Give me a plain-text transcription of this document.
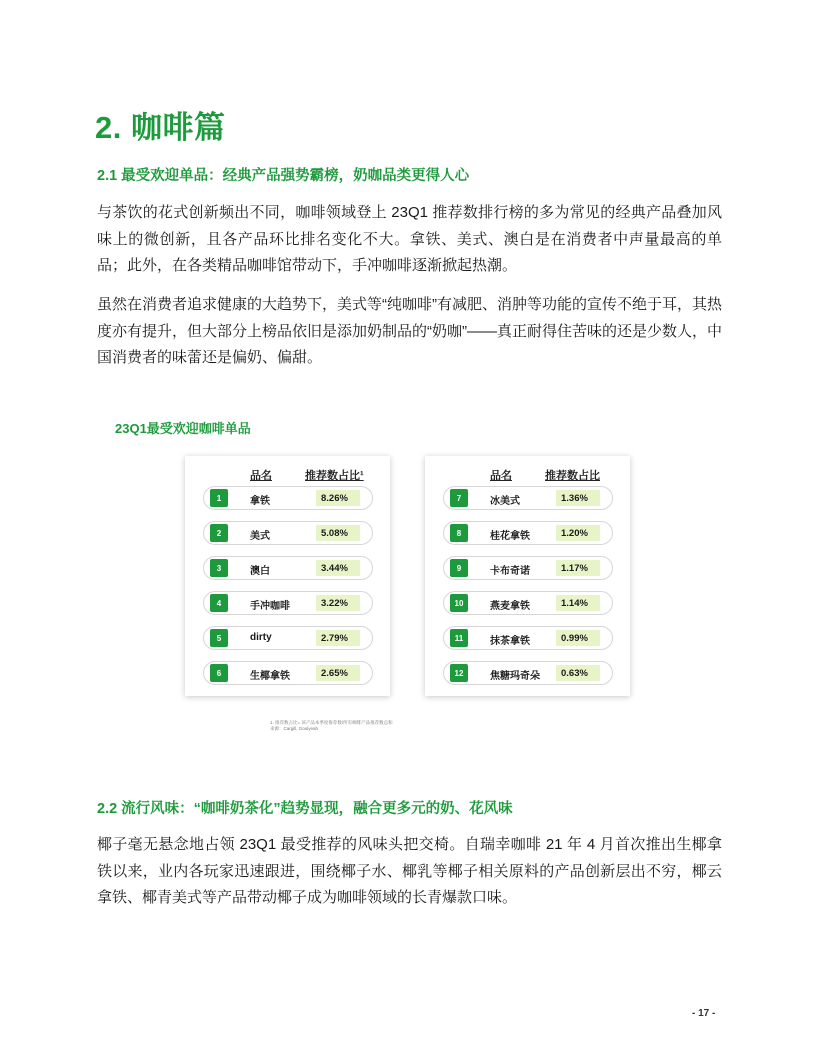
2. 咖啡篇
2.1 最受欢迎单品：经典产品强势霸榜，奶咖品类更得人心

与茶饮的花式创新频出不同，咖啡领域登上 23Q1 推荐数排行榜的多为常见的经典产品叠加风味上的微创新，且各产品环比排名变化不大。拿铁、美式、澳白是在消费者中声量最高的单品；此外，在各类精品咖啡馆带动下，手冲咖啡逐渐掀起热潮。

虽然在消费者追求健康的大趋势下，美式等“纯咖啡”有减肥、消肿等功能的宣传不绝于耳，其热度亦有提升，但大部分上榜品依旧是添加奶制品的“奶咖”——真正耐得住苦味的还是少数人，中国消费者的味蕾还是偏奶、偏甜。

23Q1最受欢迎咖啡单品
品名	推荐数占比¹
1	拿铁	8.26%
2	美式	5.08%
3	澳白	3.44%
4	手冲咖啡	3.22%
5	dirty	2.79%
6	生椰拿铁	2.65%
品名	推荐数占比
7	冰美式	1.36%
8	桂花拿铁	1.20%
9	卡布奇诺	1.17%
10	燕麦拿铁	1.14%
11	抹茶拿铁	0.99%
12	焦糖玛奇朵	0.63%
1. 推荐数占比= 该产品本季度推荐数/所有咖啡产品推荐数总和
来源：Cargill, Goulyeah
2.2 流行风味：“咖啡奶茶化”趋势显现，融合更多元的奶、花风味

椰子毫无悬念地占领 23Q1 最受推荐的风味头把交椅。自瑞幸咖啡 21 年 4 月首次推出生椰拿铁以来，业内各玩家迅速跟进，围绕椰子水、椰乳等椰子相关原料的产品创新层出不穷，椰云拿铁、椰青美式等产品带动椰子成为咖啡领域的长青爆款口味。

- 17 -
